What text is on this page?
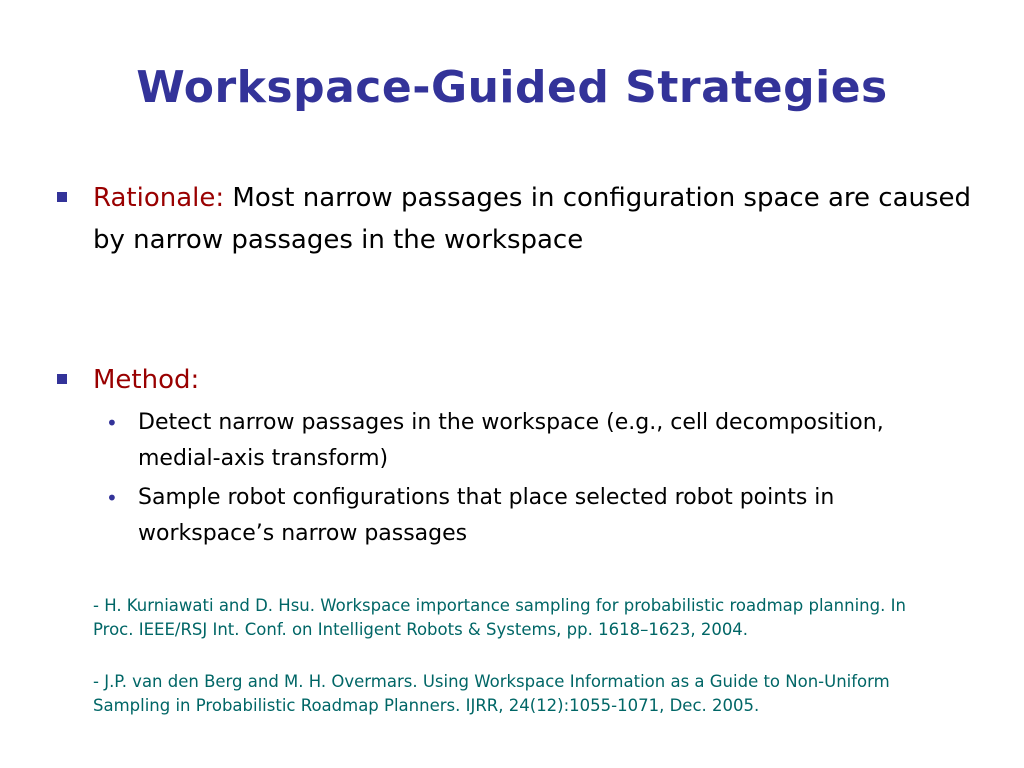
Workspace-Guided Strategies
Rationale: Most narrow passages in configuration space are caused by narrow passages in the workspace
Method:
• Detect narrow passages in the workspace (e.g., cell decomposition, medial-axis transform)
• Sample robot configurations that place selected robot points in workspace’s narrow passages
- H. Kurniawati and D. Hsu. Workspace importance sampling for probabilistic roadmap planning. In Proc. IEEE/RSJ Int. Conf. on Intelligent Robots & Systems, pp. 1618–1623, 2004.
- J.P. van den Berg and M. H. Overmars. Using Workspace Information as a Guide to Non-Uniform Sampling in Probabilistic Roadmap Planners. IJRR, 24(12):1055-1071, Dec. 2005.
